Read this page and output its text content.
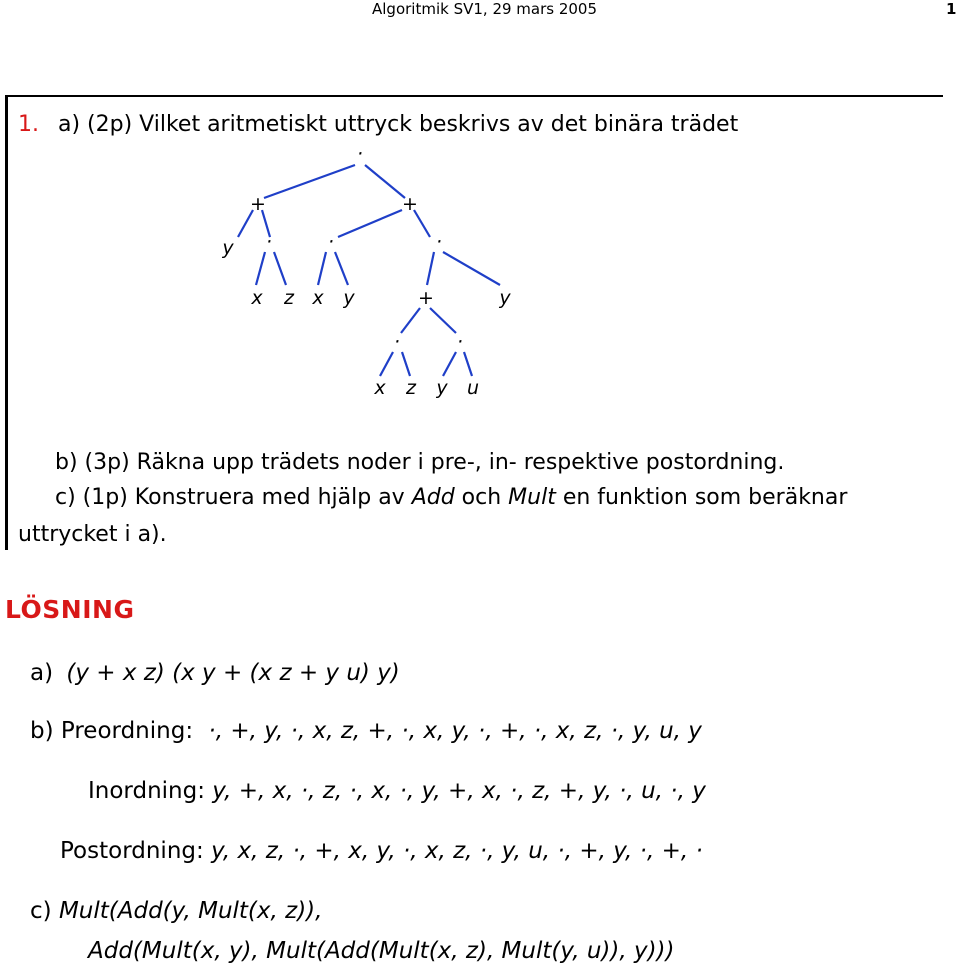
Algoritmik SV1, 29 mars 2005	1
1. a) (2p) Vilket aritmetiskt uttryck beskrivs av det binära trädet
·
+	+
y ·	·	·
x z x y	+	y
·	·
x z y u
b) (3p) Räkna upp trädets noder i pre-, in- respektive postordning.
c) (1p) Konstruera med hjälp av Add och Mult en funktion som beräknar
uttrycket i a).
LÖSNING
a) (y + x z) (x y + (x z + y u) y)
b) Preordning: ·, +, y, ·, x, z, +, ·, x, y, ·, +, ·, x, z, ·, y, u, y
Inordning: y, +, x, ·, z, ·, x, ·, y, +, x, ·, z, +, y, ·, u, ·, y
Postordning: y, x, z, ·, +, x, y, ·, x, z, ·, y, u, ·, +, y, ·, +, ·
c) Mult(Add(y, Mult(x, z)),
Add(Mult(x, y), Mult(Add(Mult(x, z), Mult(y, u)), y)))
